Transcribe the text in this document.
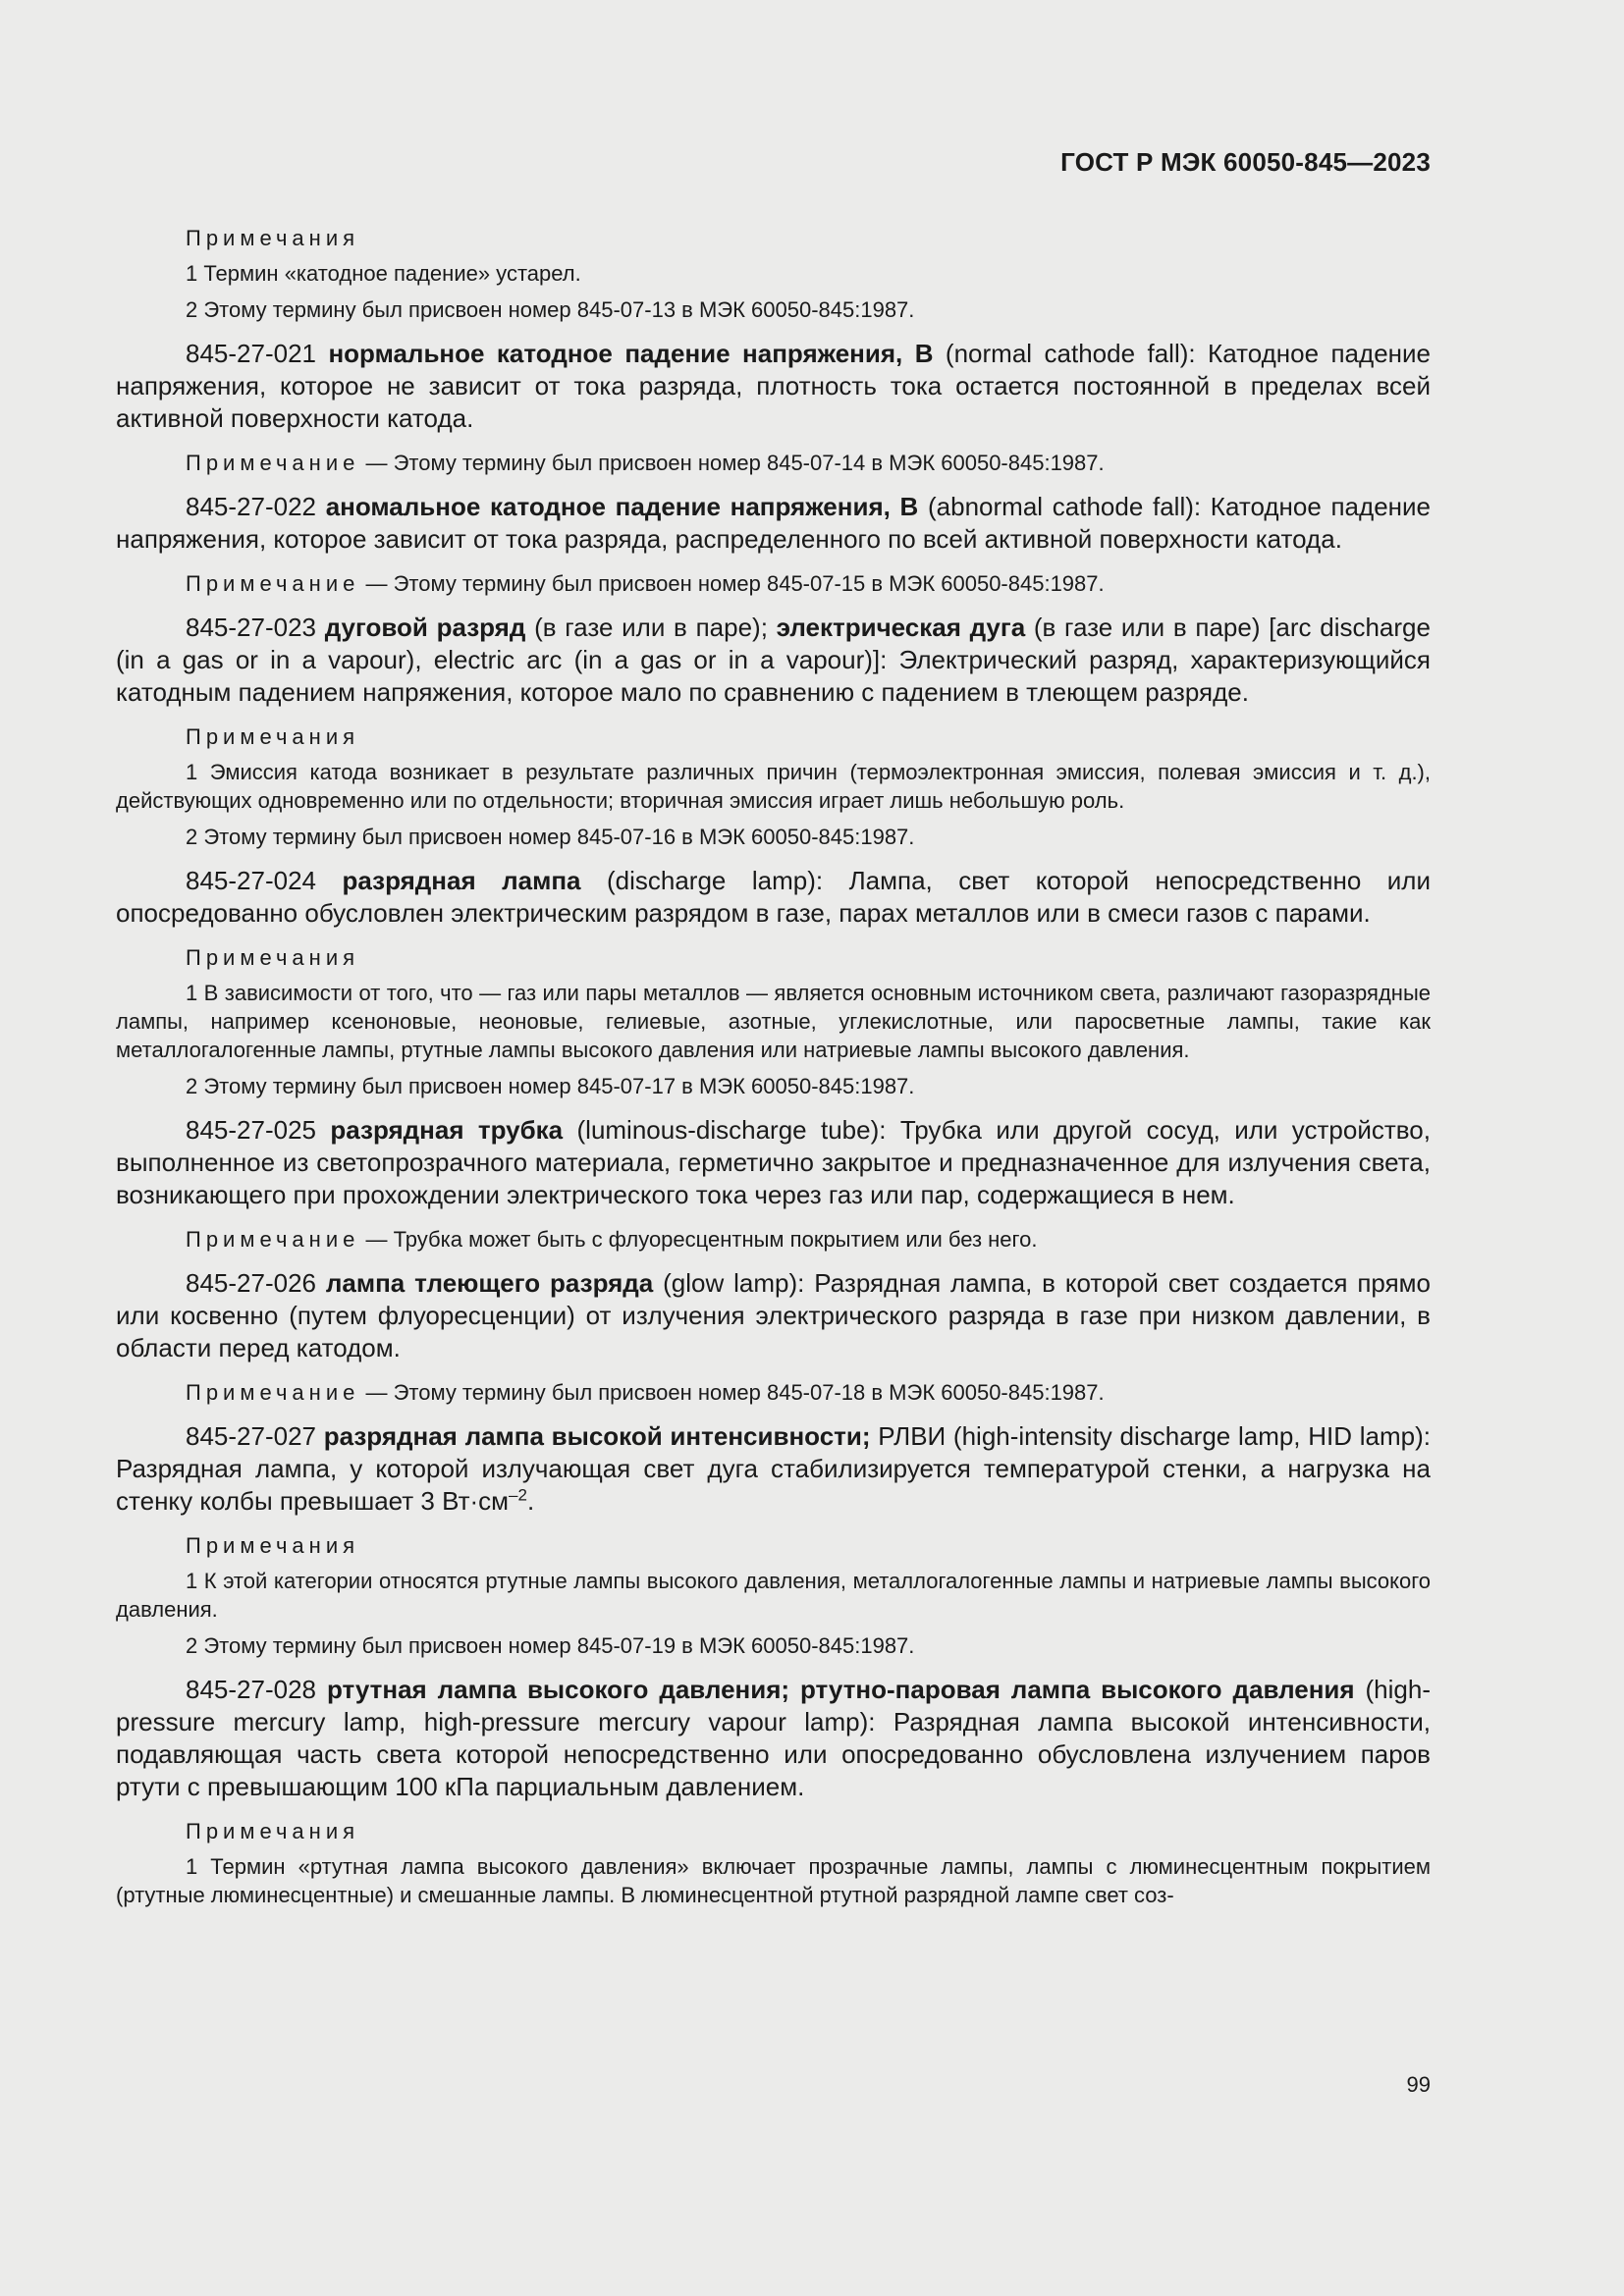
ГОСТ Р МЭК 60050-845—2023
Примечания
1 Термин «катодное падение» устарел.
2 Этому термину был присвоен номер 845-07-13 в МЭК 60050-845:1987.
845-27-021 нормальное катодное падение напряжения, В (normal cathode fall): Катодное падение напряжения, которое не зависит от тока разряда, плотность тока остается постоянной в пределах всей активной поверхности катода.
Примечание — Этому термину был присвоен номер 845-07-14 в МЭК 60050-845:1987.
845-27-022 аномальное катодное падение напряжения, В (abnormal cathode fall): Катодное падение напряжения, которое зависит от тока разряда, распределенного по всей активной поверхности катода.
Примечание — Этому термину был присвоен номер 845-07-15 в МЭК 60050-845:1987.
845-27-023 дуговой разряд (в газе или в паре); электрическая дуга (в газе или в паре) [arc discharge (in a gas or in a vapour), electric arc (in a gas or in a vapour)]: Электрический разряд, характеризующийся катодным падением напряжения, которое мало по сравнению с падением в тлеющем разряде.
Примечания
1 Эмиссия катода возникает в результате различных причин (термоэлектронная эмиссия, полевая эмиссия и т. д.), действующих одновременно или по отдельности; вторичная эмиссия играет лишь небольшую роль.
2 Этому термину был присвоен номер 845-07-16 в МЭК 60050-845:1987.
845-27-024 разрядная лампа (discharge lamp): Лампа, свет которой непосредственно или опосредованно обусловлен электрическим разрядом в газе, парах металлов или в смеси газов с парами.
Примечания
1 В зависимости от того, что — газ или пары металлов — является основным источником света, различают газоразрядные лампы, например ксеноновые, неоновые, гелиевые, азотные, углекислотные, или паросветные лампы, такие как металлогалогенные лампы, ртутные лампы высокого давления или натриевые лампы высокого давления.
2 Этому термину был присвоен номер 845-07-17 в МЭК 60050-845:1987.
845-27-025 разрядная трубка (luminous-discharge tube): Трубка или другой сосуд, или устройство, выполненное из светопрозрачного материала, герметично закрытое и предназначенное для излучения света, возникающего при прохождении электрического тока через газ или пар, содержащиеся в нем.
Примечание — Трубка может быть с флуоресцентным покрытием или без него.
845-27-026 лампа тлеющего разряда (glow lamp): Разрядная лампа, в которой свет создается прямо или косвенно (путем флуоресценции) от излучения электрического разряда в газе при низком давлении, в области перед катодом.
Примечание — Этому термину был присвоен номер 845-07-18 в МЭК 60050-845:1987.
845-27-027 разрядная лампа высокой интенсивности; РЛВИ (high-intensity discharge lamp, HID lamp): Разрядная лампа, у которой излучающая свет дуга стабилизируется температурой стенки, а нагрузка на стенку колбы превышает 3 $Вт\cdot см^{-2}$.
Примечания
1 К этой категории относятся ртутные лампы высокого давления, металлогалогенные лампы и натриевые лампы высокого давления.
2 Этому термину был присвоен номер 845-07-19 в МЭК 60050-845:1987.
845-27-028 ртутная лампа высокого давления; ртутно-паровая лампа высокого давления (high-pressure mercury lamp, high-pressure mercury vapour lamp): Разрядная лампа высокой интенсивности, подавляющая часть света которой непосредственно или опосредованно обусловлена излучением паров ртути с превышающим 100 кПа парциальным давлением.
Примечания
1 Термин «ртутная лампа высокого давления» включает прозрачные лампы, лампы с люминесцентным покрытием (ртутные люминесцентные) и смешанные лампы. В люминесцентной ртутной разрядной лампе свет соз-
99
